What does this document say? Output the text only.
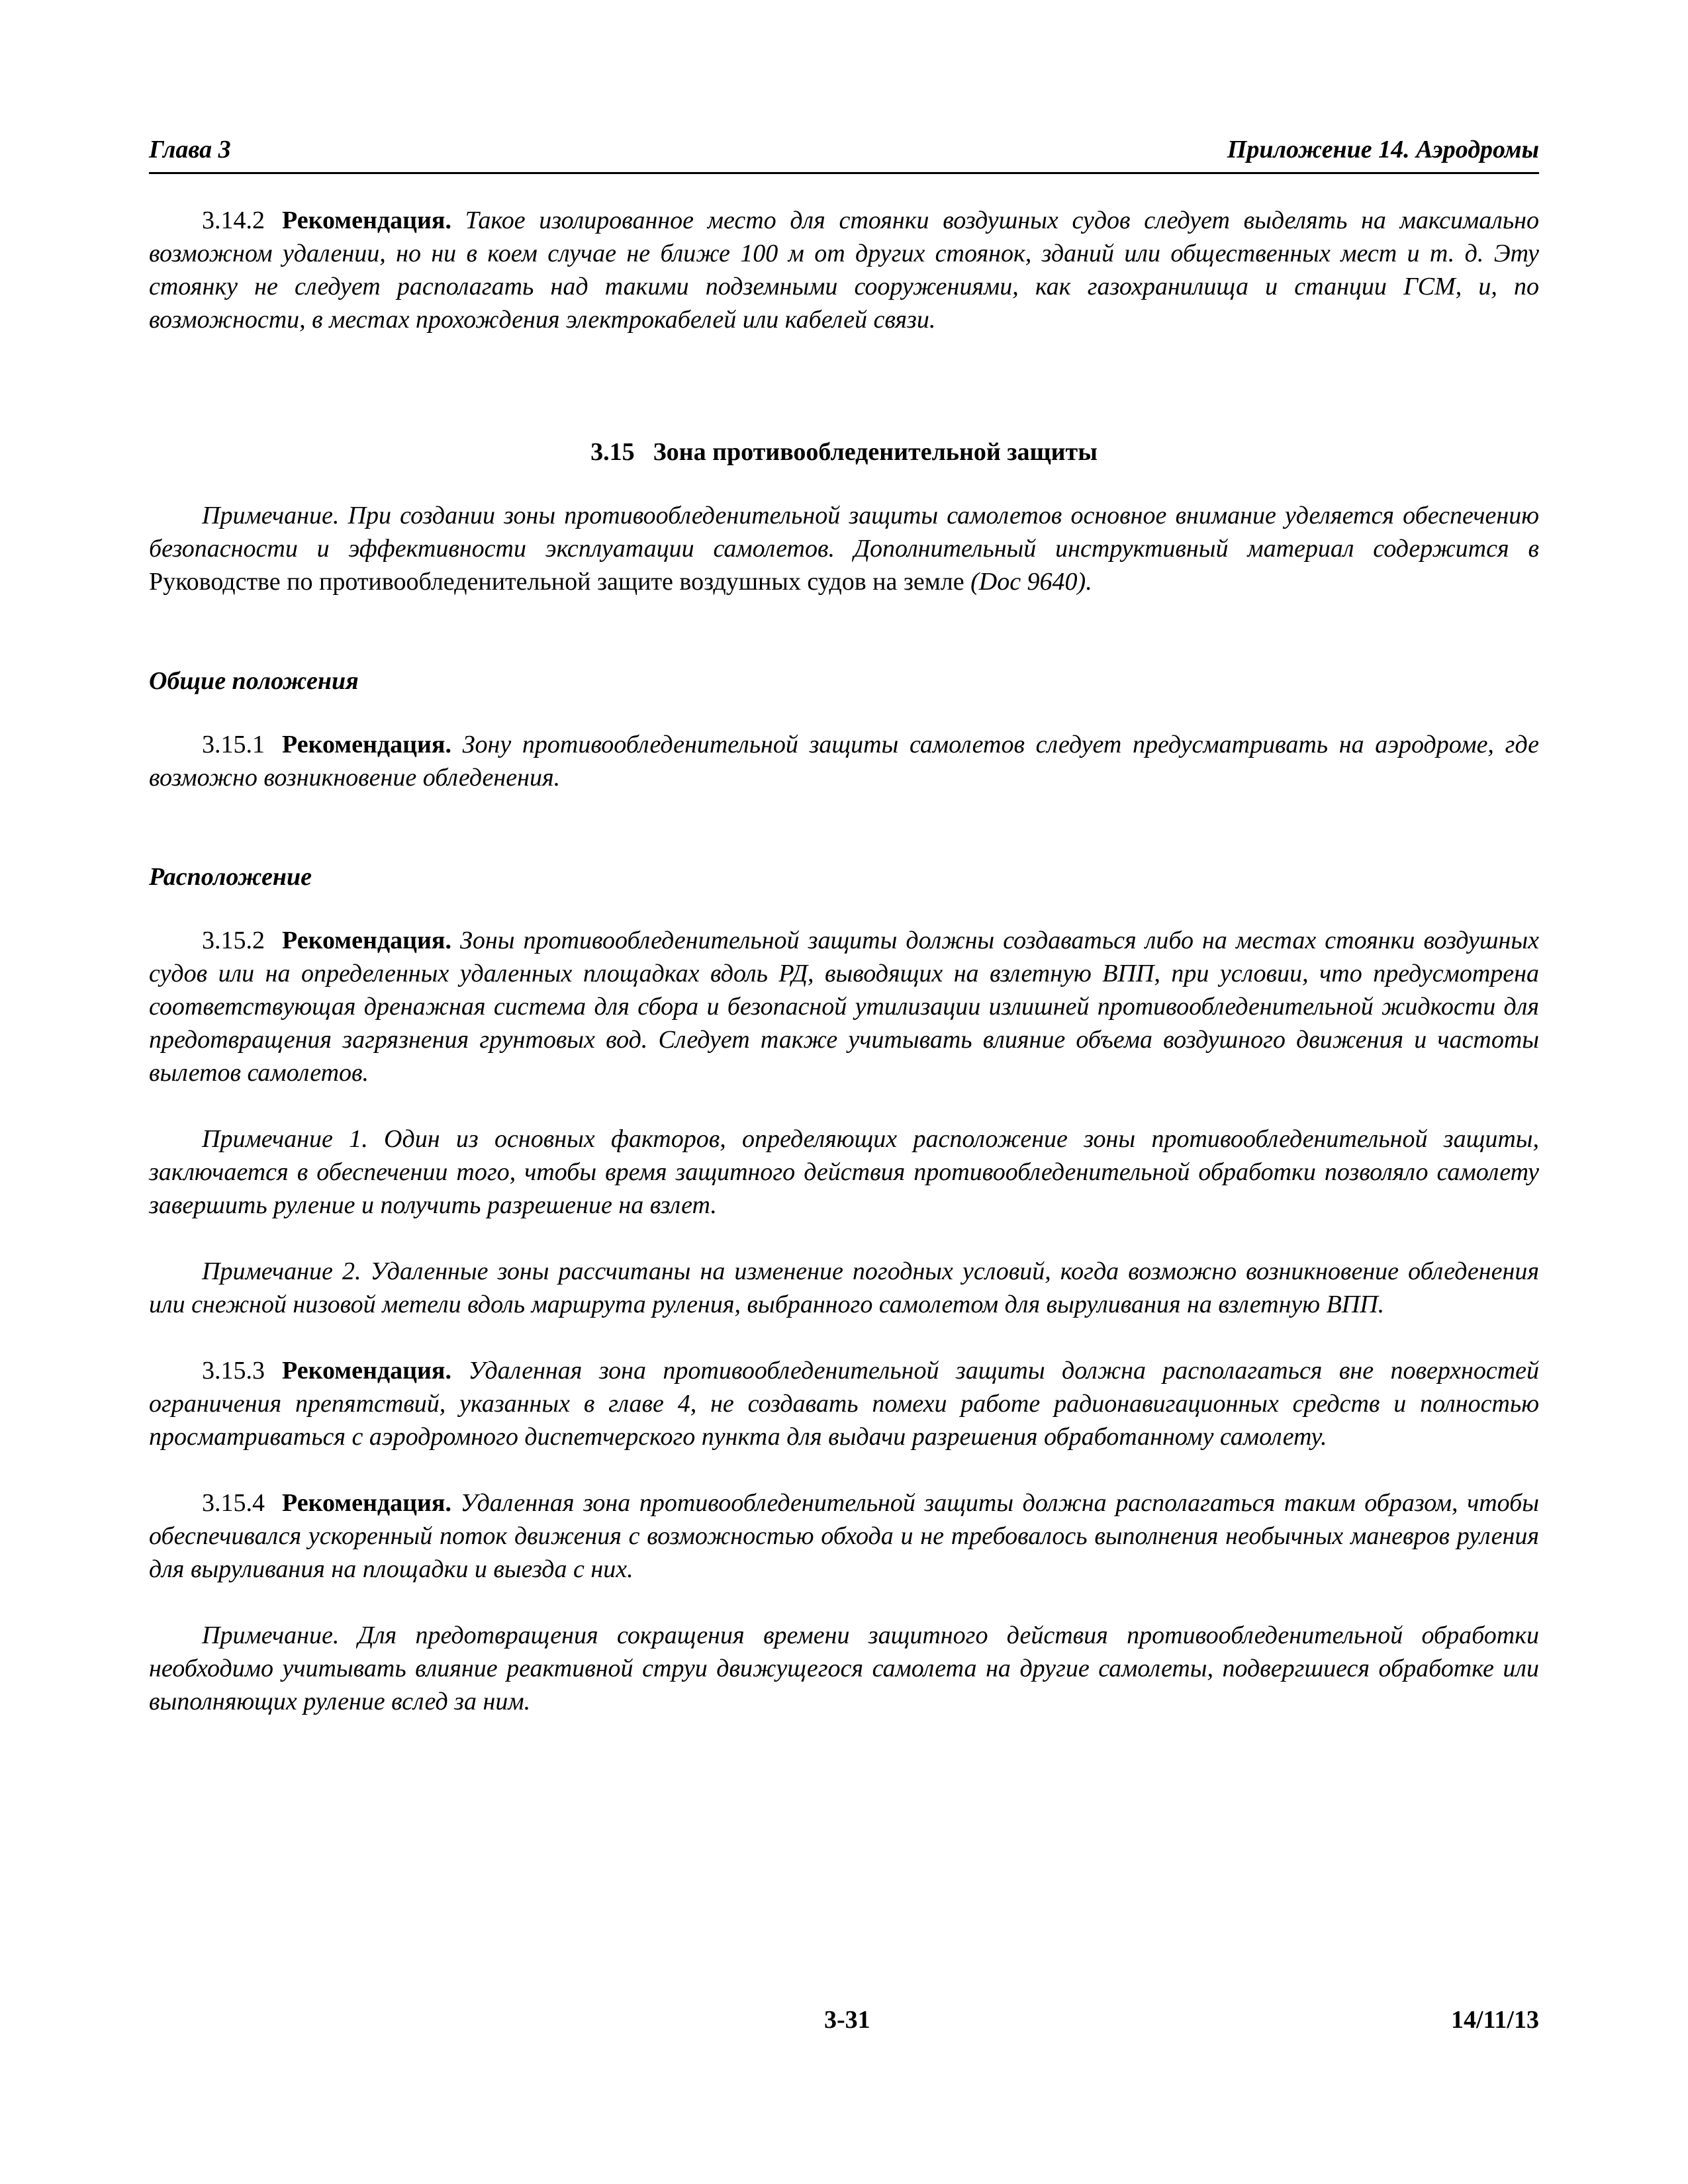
Глава 3	Приложение 14. Аэродромы

3.14.2 Рекомендация. Такое изолированное место для стоянки воздушных судов следует выделять на максимально возможном удалении, но ни в коем случае не ближе 100 м от других стоянок, зданий или общественных мест и т. д. Эту стоянку не следует располагать над такими подземными сооружениями, как газохранилища и станции ГСМ, и, по возможности, в местах прохождения электрокабелей или кабелей связи.

3.15 Зона противообледенительной защиты

Примечание. При создании зоны противообледенительной защиты самолетов основное внимание уделяется обеспечению безопасности и эффективности эксплуатации самолетов. Дополнительный инструктивный материал содержится в Руководстве по противообледенительной защите воздушных судов на земле (Doc 9640).

Общие положения

3.15.1 Рекомендация. Зону противообледенительной защиты самолетов следует предусматривать на аэродроме, где возможно возникновение обледенения.

Расположение

3.15.2 Рекомендация. Зоны противообледенительной защиты должны создаваться либо на местах стоянки воздушных судов или на определенных удаленных площадках вдоль РД, выводящих на взлетную ВПП, при условии, что предусмотрена соответствующая дренажная система для сбора и безопасной утилизации излишней противообледенительной жидкости для предотвращения загрязнения грунтовых вод. Следует также учитывать влияние объема воздушного движения и частоты вылетов самолетов.

Примечание 1. Один из основных факторов, определяющих расположение зоны противообледенительной защиты, заключается в обеспечении того, чтобы время защитного действия противообледенительной обработки позволяло самолету завершить руление и получить разрешение на взлет.

Примечание 2. Удаленные зоны рассчитаны на изменение погодных условий, когда возможно возникновение обледенения или снежной низовой метели вдоль маршрута руления, выбранного самолетом для выруливания на взлетную ВПП.

3.15.3 Рекомендация. Удаленная зона противообледенительной защиты должна располагаться вне поверхностей ограничения препятствий, указанных в главе 4, не создавать помехи работе радионавигационных средств и полностью просматриваться с аэродромного диспетчерского пункта для выдачи разрешения обработанному самолету.

3.15.4 Рекомендация. Удаленная зона противообледенительной защиты должна располагаться таким образом, чтобы обеспечивался ускоренный поток движения с возможностью обхода и не требовалось выполнения необычных маневров руления для выруливания на площадки и выезда с них.

Примечание. Для предотвращения сокращения времени защитного действия противообледенительной обработки необходимо учитывать влияние реактивной струи движущегося самолета на другие самолеты, подвергшиеся обработке или выполняющих руление вслед за ним.

3-31	14/11/13
